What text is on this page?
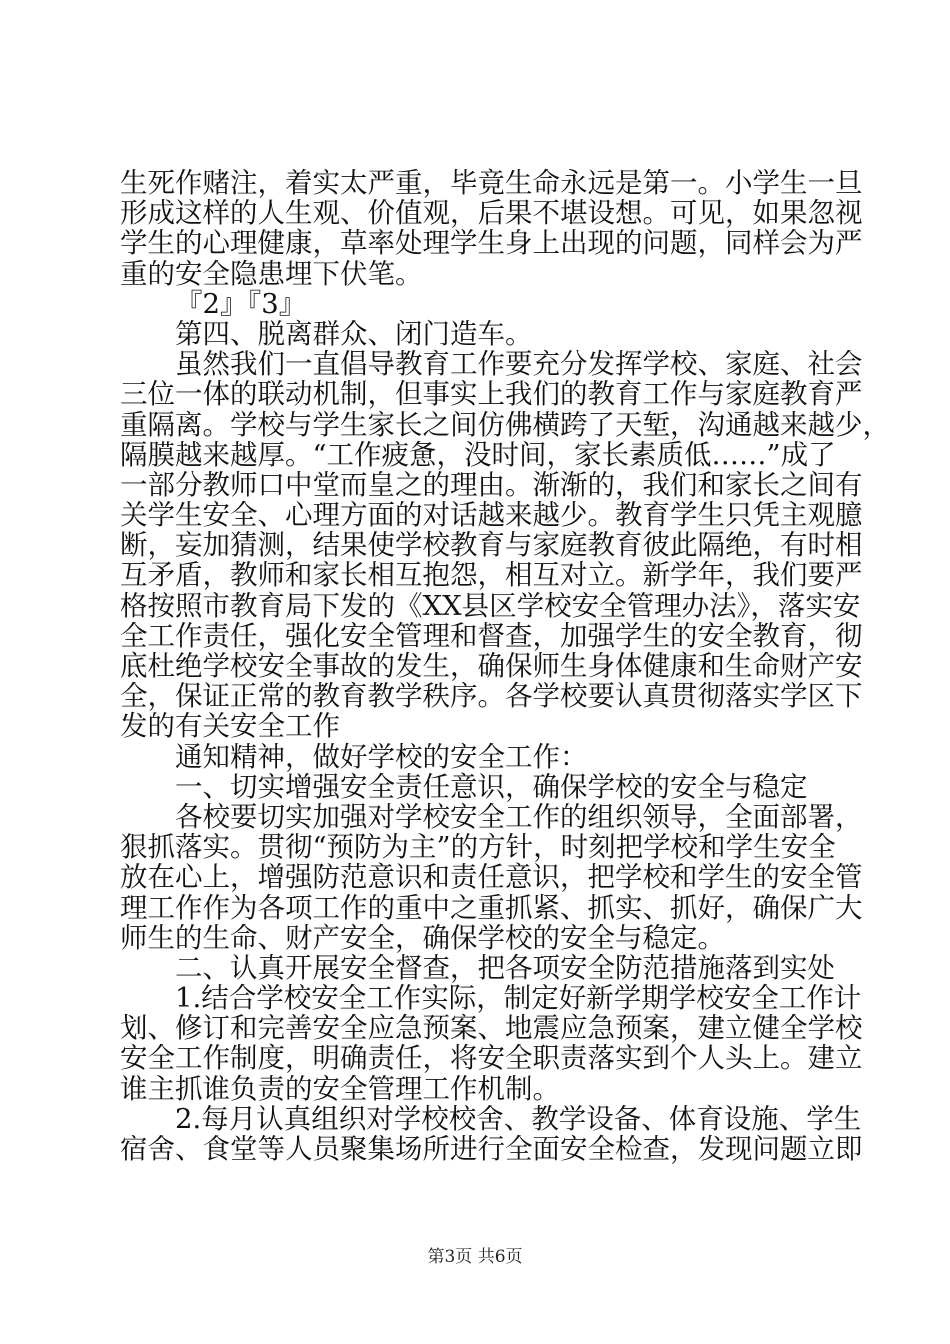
生死作赌注，着实太严重，毕竟生命永远是第一。小学生一旦
形成这样的人生观、价值观，后果不堪设想。可见，如果忽视
学生的心理健康，草率处理学生身上出现的问题，同样会为严
重的安全隐患埋下伏笔。
『2』『3』
第四、脱离群众、闭门造车。
虽然我们一直倡导教育工作要充分发挥学校、家庭、社会
三位一体的联动机制，但事实上我们的教育工作与家庭教育严
重隔离。学校与学生家长之间仿佛横跨了天堑，沟通越来越少，
隔膜越来越厚。“工作疲惫，没时间，家长素质低……”成了
一部分教师口中堂而皇之的理由。渐渐的，我们和家长之间有
关学生安全、心理方面的对话越来越少。教育学生只凭主观臆
断，妄加猜测，结果使学校教育与家庭教育彼此隔绝，有时相
互矛盾，教师和家长相互抱怨，相互对立。新学年，我们要严
格按照市教育局下发的《XX县区学校安全管理办法》，落实安
全工作责任，强化安全管理和督查，加强学生的安全教育，彻
底杜绝学校安全事故的发生，确保师生身体健康和生命财产安
全，保证正常的教育教学秩序。各学校要认真贯彻落实学区下
发的有关安全工作
通知精神，做好学校的安全工作：
一、切实增强安全责任意识，确保学校的安全与稳定
各校要切实加强对学校安全工作的组织领导，全面部署，
狠抓落实。贯彻“预防为主”的方针，时刻把学校和学生安全
放在心上，增强防范意识和责任意识，把学校和学生的安全管
理工作作为各项工作的重中之重抓紧、抓实、抓好，确保广大
师生的生命、财产安全，确保学校的安全与稳定。
二、认真开展安全督查，把各项安全防范措施落到实处
1.结合学校安全工作实际，制定好新学期学校安全工作计
划、修订和完善安全应急预案、地震应急预案，建立健全学校
安全工作制度，明确责任，将安全职责落实到个人头上。建立
谁主抓谁负责的安全管理工作机制。
2.每月认真组织对学校校舍、教学设备、体育设施、学生
宿舍、食堂等人员聚集场所进行全面安全检查，发现问题立即
第3页 共6页
